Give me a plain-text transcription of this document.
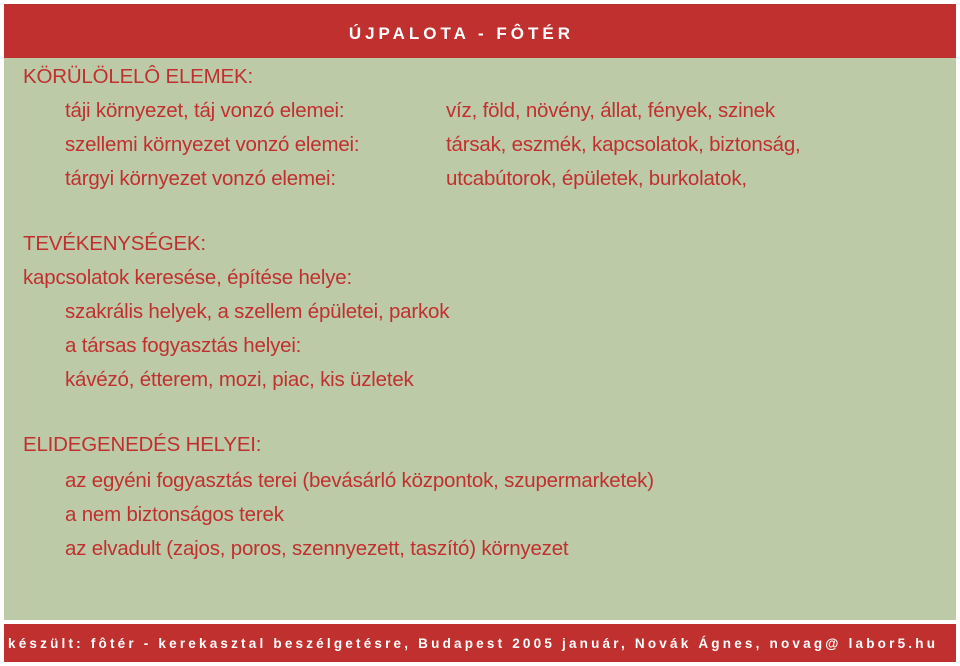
ÚJPALOTA - FÔTÉR
KÖRÜLÖLELÔ ELEMEK:
táji környezet, táj vonzó elemei:	víz, föld, növény, állat, fények, szinek
szellemi környezet vonzó elemei:	társak, eszmék, kapcsolatok, biztonság,
tárgyi környezet vonzó elemei:	utcabútorok, épületek, burkolatok,
TEVÉKENYSÉGEK:
kapcsolatok keresése, építése helye:
szakrális helyek, a szellem épületei, parkok
a társas fogyasztás helyei:
kávézó, étterem, mozi, piac, kis üzletek
ELIDEGENEDÉS HELYEI:
az egyéni fogyasztás terei (bevásárló központok, szupermarketek)
a nem biztonságos terek
az elvadult (zajos, poros, szennyezett, taszító) környezet
készült: fôtér - kerekasztal beszélgetésre, Budapest 2005 január, Novák Ágnes, novag@ labor5.hu
